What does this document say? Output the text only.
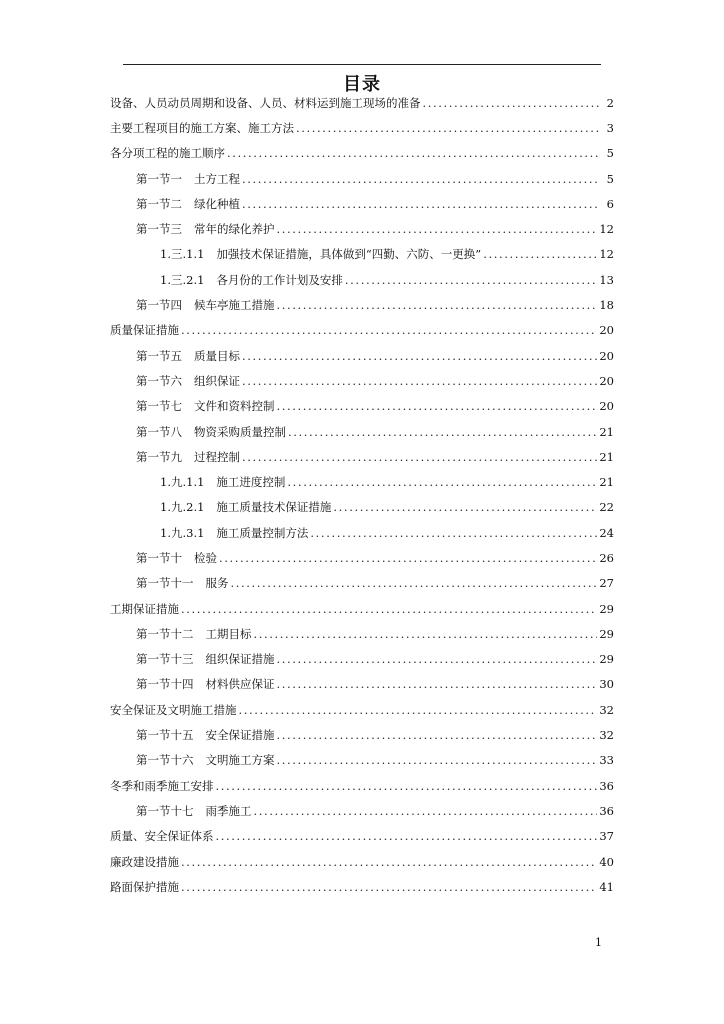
目录
设备、人员动员周期和设备、人员、材料运到施工现场的准备 .....	2
主要工程项目的施工方案、施工方法 .....	3
各分项工程的施工顺序 .....	5
第一节一 土方工程 .....	5
第一节二 绿化种植 .....	6
第一节三 常年的绿化养护 .....	12
1.三.1.1 加强技术保证措施，具体做到“四勤、六防、一更换” .....	12
1.三.2.1 各月份的工作计划及安排 .....	13
第一节四 候车亭施工措施 .....	18
质量保证措施 .....	20
第一节五 质量目标 .....	20
第一节六 组织保证 .....	20
第一节七 文件和资料控制 .....	20
第一节八 物资采购质量控制 .....	21
第一节九 过程控制 .....	21
1.九.1.1 施工进度控制 .....	21
1.九.2.1 施工质量技术保证措施 .....	22
1.九.3.1 施工质量控制方法 .....	24
第一节十 检验 .....	26
第一节十一 服务 .....	27
工期保证措施 .....	29
第一节十二 工期目标 .....	29
第一节十三 组织保证措施 .....	29
第一节十四 材料供应保证 .....	30
安全保证及文明施工措施 .....	32
第一节十五 安全保证措施 .....	32
第一节十六 文明施工方案 .....	33
冬季和雨季施工安排 .....	36
第一节十七 雨季施工 .....	36
质量、安全保证体系 .....	37
廉政建设措施 .....	40
路面保护措施 .....	41
1
